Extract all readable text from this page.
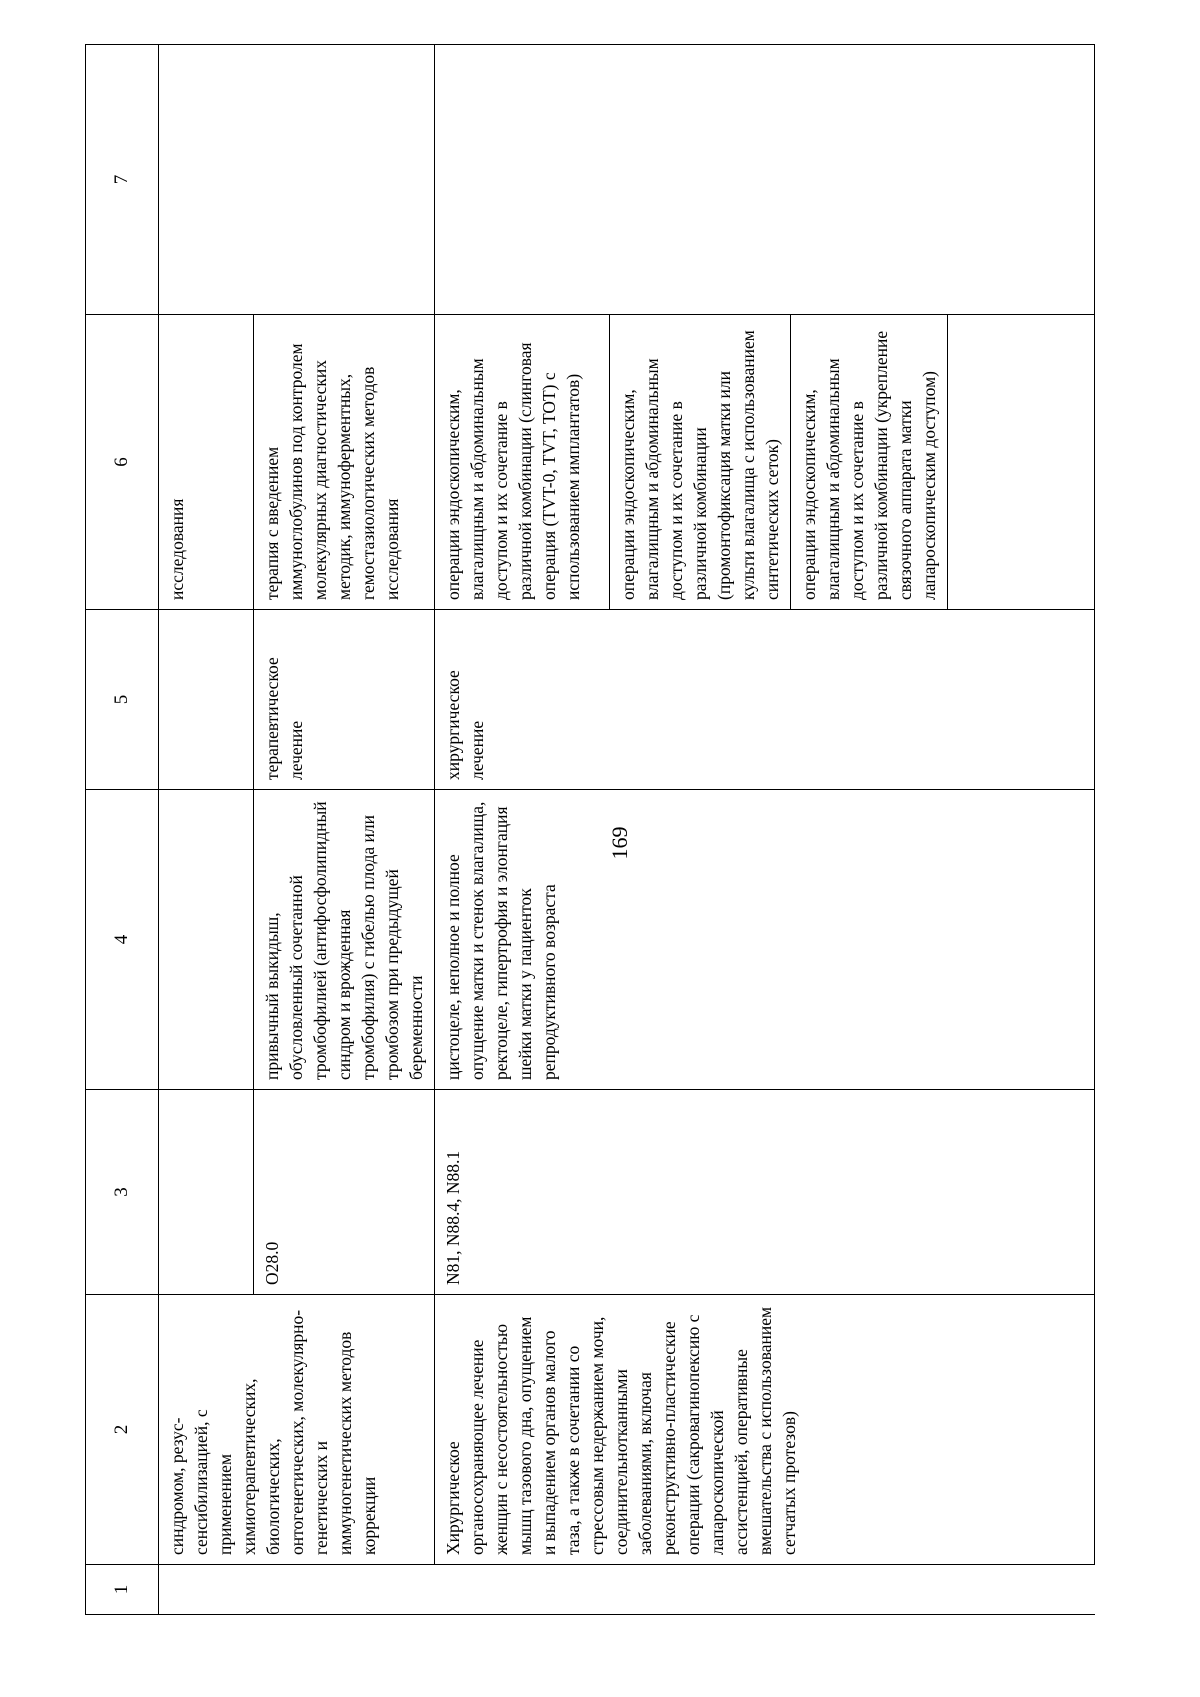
169
1	2	3	4	5	6	7
	синдромом, резус-сенсибилизацией, с применением химиотерапевтических, биологических, онтогенетических, молекулярно-генетических и иммуногенетических методов коррекции				исследования	
		O28.0	привычный выкидыш, обусловленный сочетанной тромбофилией (антифосфолипидный синдром и врожденная тромбофилия) с гибелью плода или тромбозом при предыдущей беременности	терапевтическое лечение	терапия с введением иммуноглобулинов под контролем молекулярных диагностических методик, иммуноферментных, гемостазиологических методов исследования	
	Хирургическое органосохраняющее лечение женщин с несостоятельностью мышц тазового дна, опущением и выпадением органов малого таза, а также в сочетании со стрессовым недержанием мочи, соединительнотканными заболеваниями, включая реконструктивно-пластические операции (сакровагинопексию с лапароскопической ассистенцией, оперативные вмешательства с использованием сетчатых протезов)	N81, N88.4, N88.1	цистоцеле, неполное и полное опущение матки и стенок влагалища, ректоцеле, гипертрофия и элонгация шейки матки у пациенток репродуктивного возраста	хирургическое лечение	операции эндоскопическим, влагалищным и абдоминальным доступом и их сочетание в различной комбинации (слинговая операция (TVT-0, TVT, TOT) с использованием имплантатов)	
					операции эндоскопическим, влагалищным и абдоминальным доступом и их сочетание в различной комбинации (промонтофиксация матки или культи влагалища с использованием синтетических сеток)	
					операции эндоскопическим, влагалищным и абдоминальным доступом и их сочетание в различной комбинации (укрепление связочного аппарата матки лапароскопическим доступом)	
